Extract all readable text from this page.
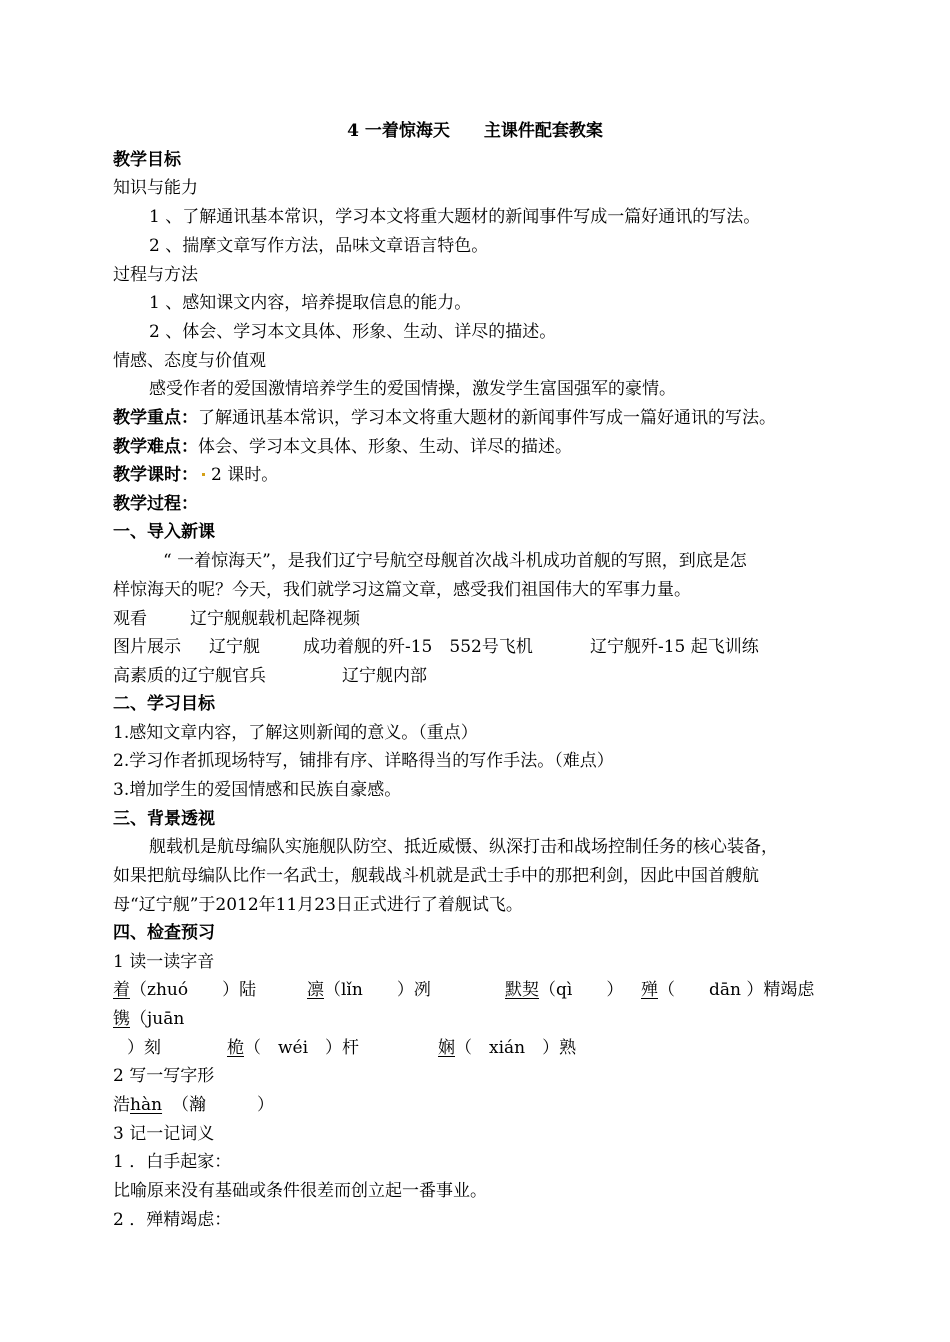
4 一着惊海天　　主课件配套教案
教学目标
知识与能力
1 、了解通讯基本常识，学习本文将重大题材的新闻事件写成一篇好通讯的写法。
2 、揣摩文章写作方法，品味文章语言特色。
过程与方法
1 、感知课文内容，培养提取信息的能力。
2 、体会、学习本文具体、形象、生动、详尽的描述。
情感、态度与价值观
感受作者的爱国激情培养学生的爱国情操，激发学生富国强军的豪情。
教学重点：了解通讯基本常识，学习本文将重大题材的新闻事件写成一篇好通讯的写法。
教学难点：体会、学习本文具体、形象、生动、详尽的描述。
教学课时： 2 课时。
教学过程：
一、导入新课
“ 一着惊海天”，是我们辽宁号航空母舰首次战斗机成功首舰的写照，到底是怎
样惊海天的呢？今天，我们就学习这篇文章，感受我们祖国伟大的军事力量。
观看	辽宁舰舰载机起降视频
图片展示 辽宁舰	成功着舰的歼-15　552号飞机	辽宁舰歼-15 起飞训练
高素质的辽宁舰官兵	辽宁舰内部
二、学习目标
1.感知文章内容，了解这则新闻的意义。（重点）
2.学习作者抓现场特写，铺排有序、详略得当的写作手法。（难点）
3.增加学生的爱国情感和民族自豪感。
三、背景透视
舰载机是航母编队实施舰队防空、抵近威慑、纵深打击和战场控制任务的核心装备，
如果把航母编队比作一名武士，舰载战斗机就是武士手中的那把利剑，因此中国首艘航
母“辽宁舰”于2012年11月23日正式进行了着舰试飞。
四、检查预习
1 读一读字音
着（zhuó　　）陆	凛（lǐn　　）冽	默契（qì　　） 殚（　　dān ）精竭虑
镌（juān
）刻	桅（　wéi　）杆	娴（　xián　）熟
2 写一写字形
浩hàn （瀚　　　）
3 记一记词义
1 ．白手起家：
比喻原来没有基础或条件很差而创立起一番事业。
2 ．殚精竭虑：
